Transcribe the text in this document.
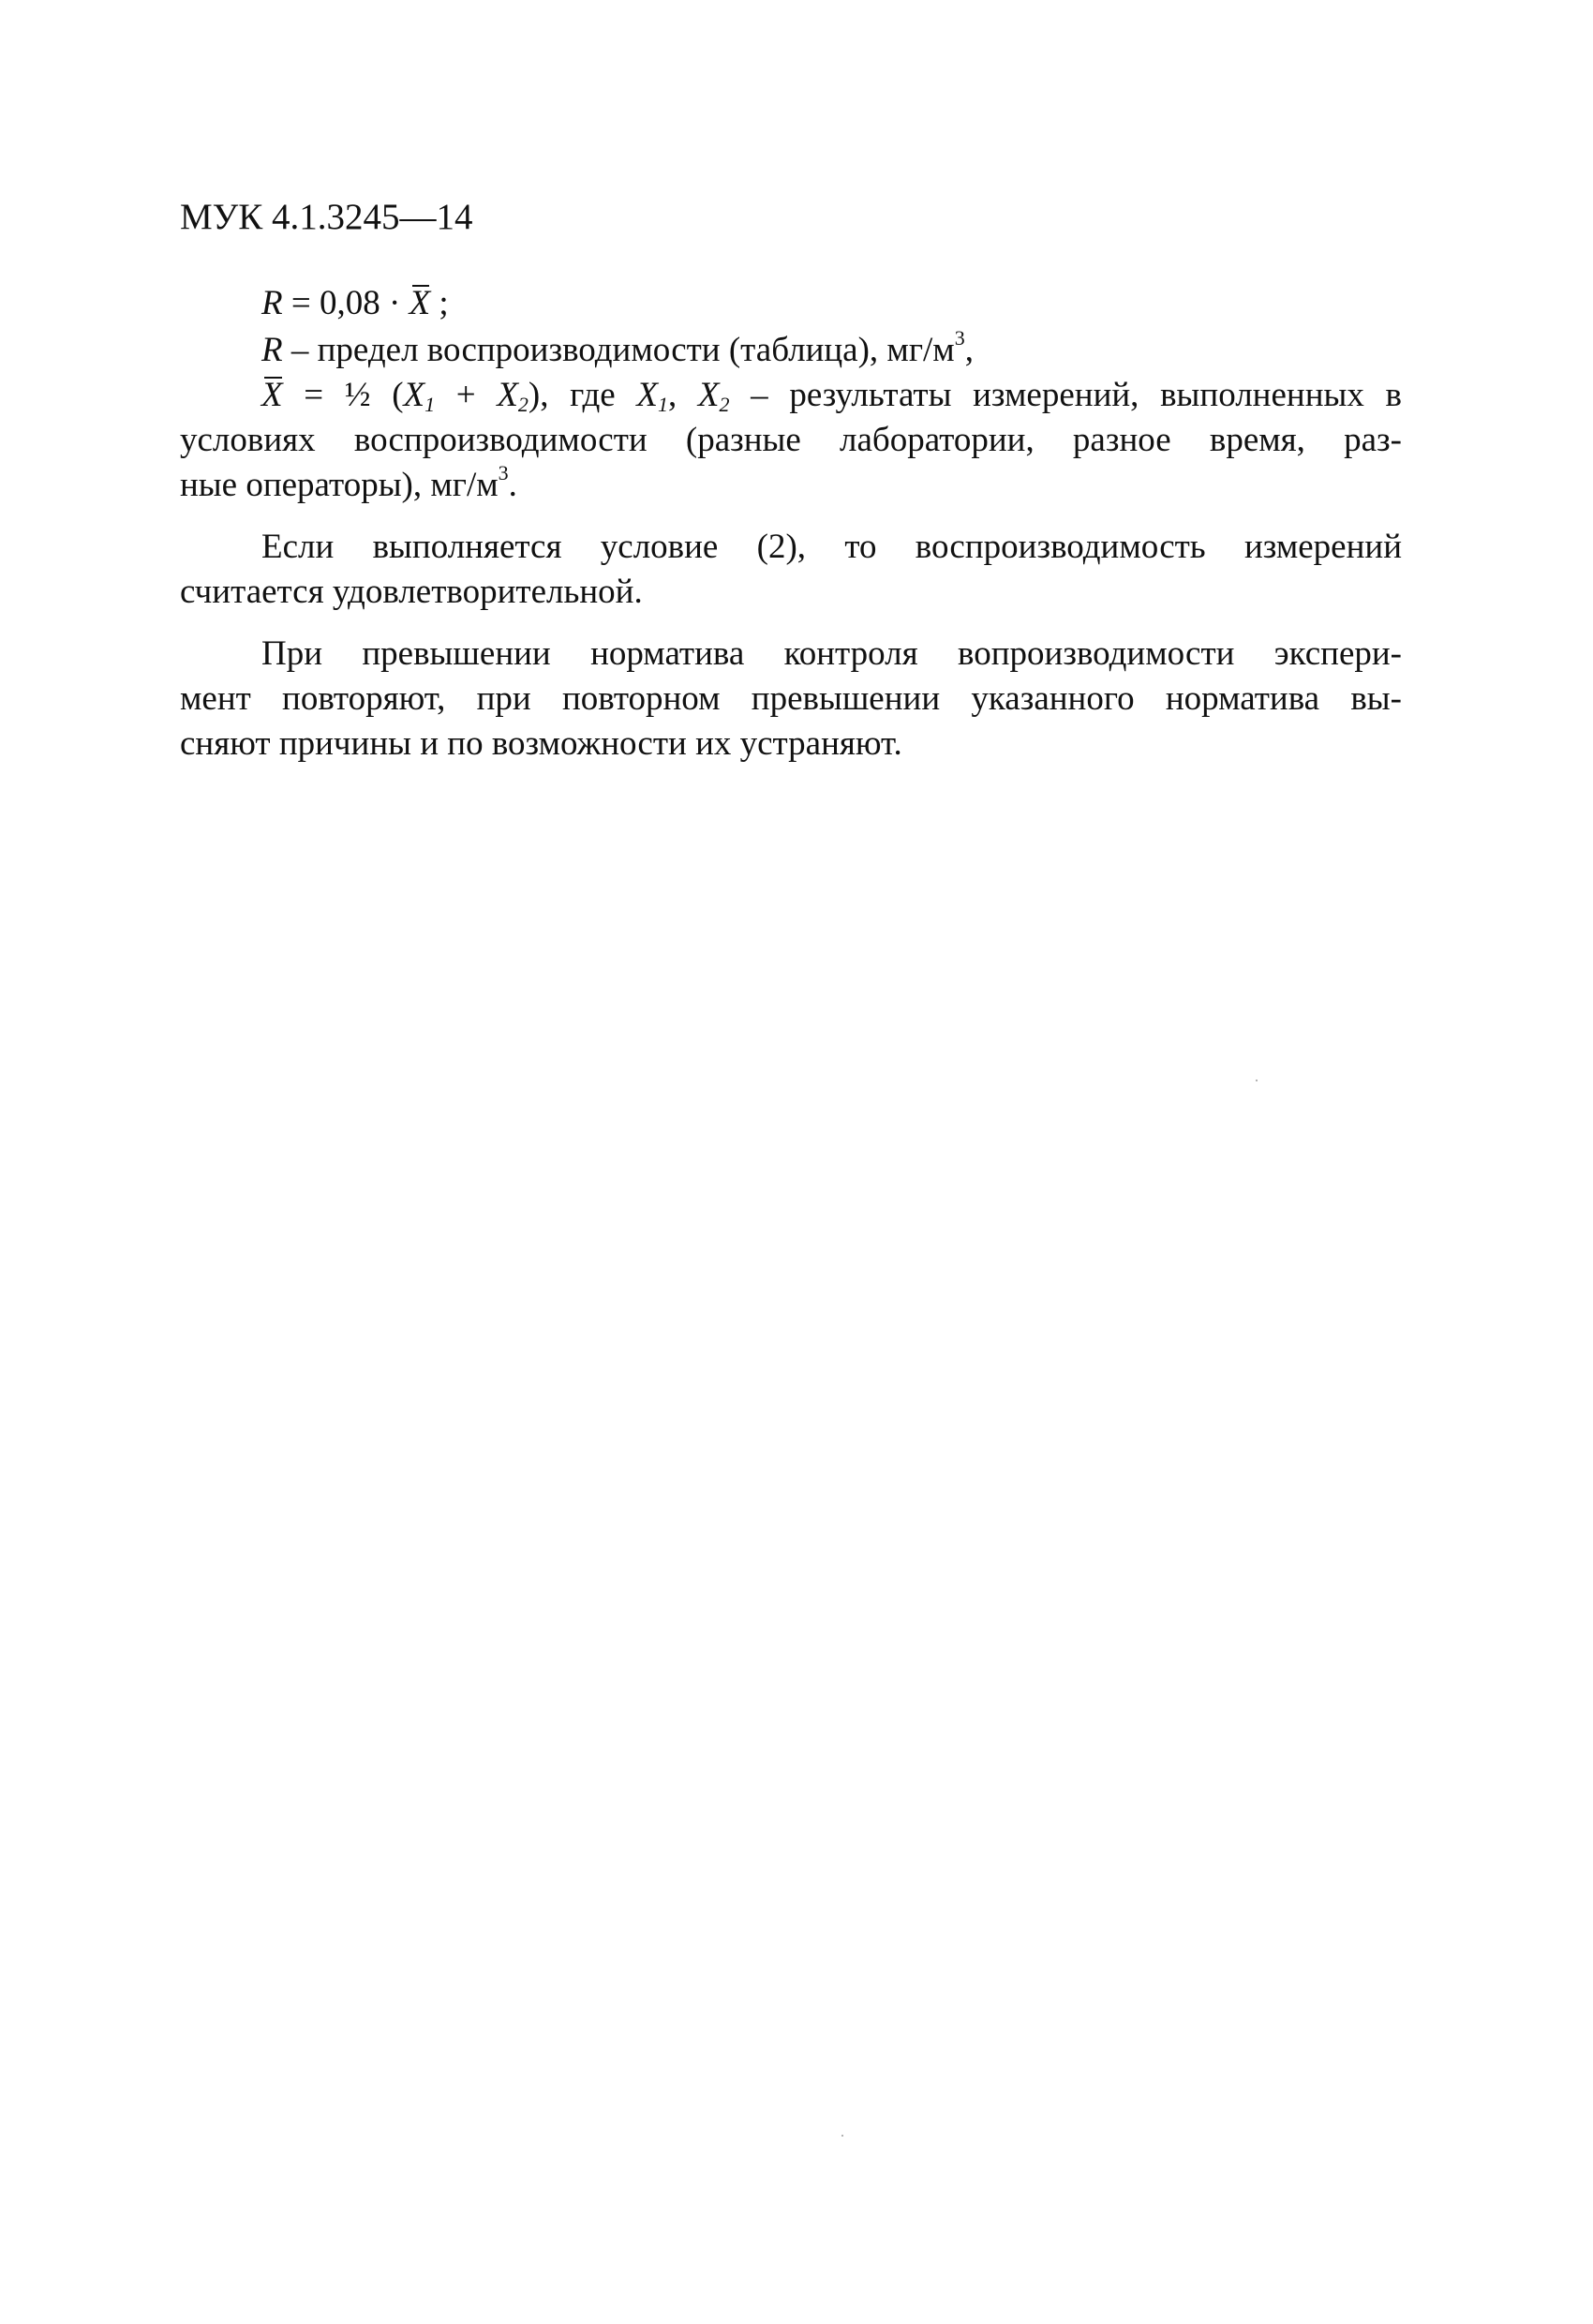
МУК 4.1.3245—14
R = 0,08 · X ;
R – предел воспроизводимости (таблица), $мг/м^3$,
X = ½ $(X_1 + X_2)$, где $X_1$, $X_2$ – результаты измерений, выполненных в
условиях воспроизводимости (разные лаборатории, разное время, раз-
ные операторы), $мг/м^3$.
Если выполняется условие (2), то воспроизводимость измерений
считается удовлетворительной.
При превышении норматива контроля вопроизводимости экспери-
мент повторяют, при повторном превышении указанного норматива вы-
сняют причины и по возможности их устраняют.
